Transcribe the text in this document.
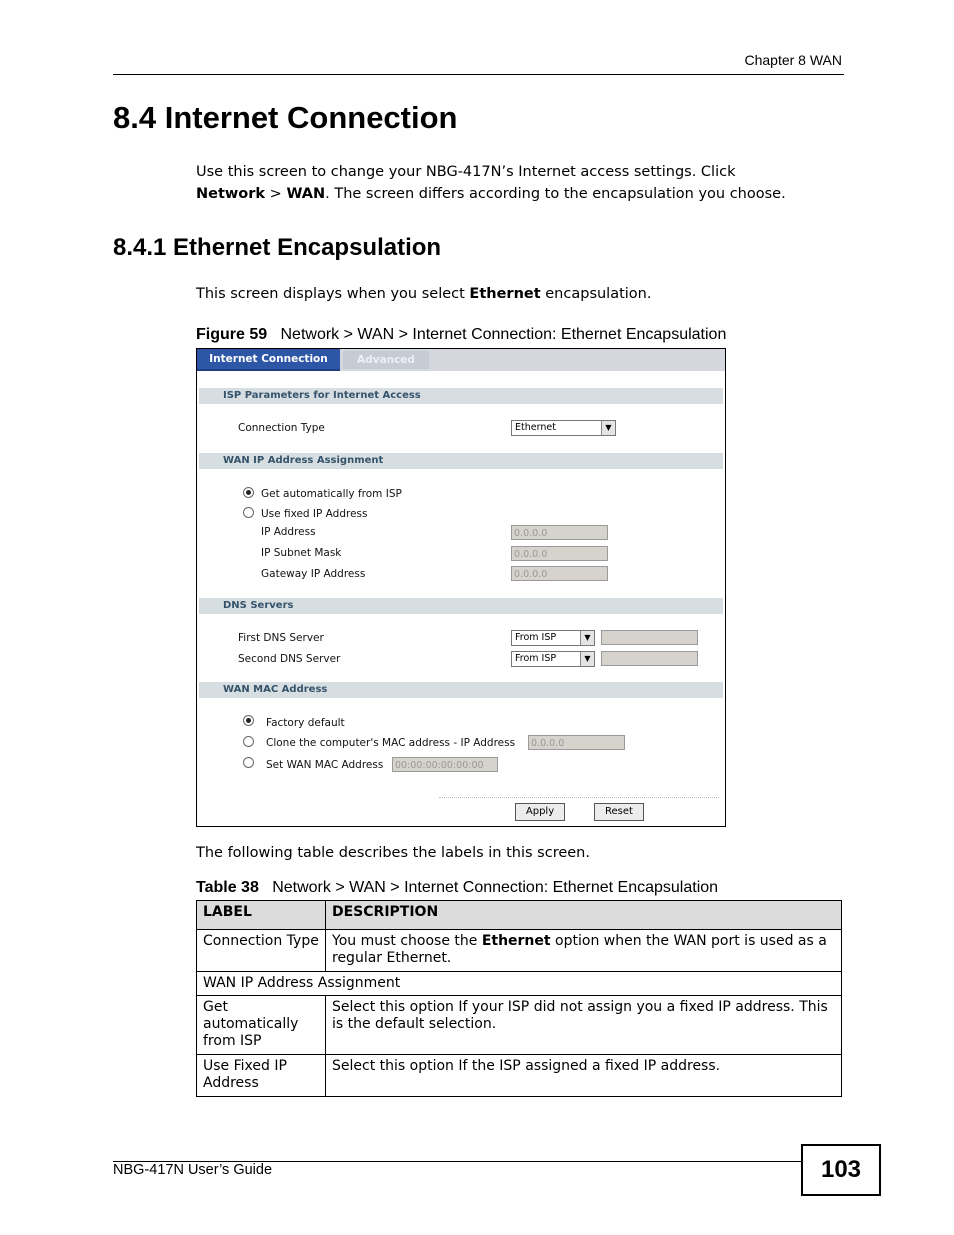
Chapter 8 WAN
8.4 Internet Connection
Use this screen to change your NBG-417N’s Internet access settings. Click
Network > WAN. The screen differs according to the encapsulation you choose.
8.4.1 Ethernet Encapsulation
This screen displays when you select Ethernet encapsulation.
Figure 59 Network > WAN > Internet Connection: Ethernet Encapsulation
Internet Connection	Advanced
ISP Parameters for Internet Access
Connection Type	Ethernet	▼
WAN IP Address Assignment
Get automatically from ISP
Use fixed IP Address
IP Address	0.0.0.0
IP Subnet Mask	0.0.0.0
Gateway IP Address	0.0.0.0
DNS Servers
First DNS Server	From ISP	▼
Second DNS Server	From ISP	▼
WAN MAC Address
Factory default
Clone the computer's MAC address - IP Address	0.0.0.0
Set WAN MAC Address	00:00:00:00:00:00
Apply	Reset
The following table describes the labels in this screen.
Table 38 Network > WAN > Internet Connection: Ethernet Encapsulation
LABEL	DESCRIPTION
Connection Type	You must choose the Ethernet option when the WAN port is used as a regular Ethernet.
WAN IP Address Assignment	
Get automatically from ISP	Select this option If your ISP did not assign you a fixed IP address. This is the default selection.
Use Fixed IP Address	Select this option If the ISP assigned a fixed IP address.
NBG-417N User’s Guide	103
